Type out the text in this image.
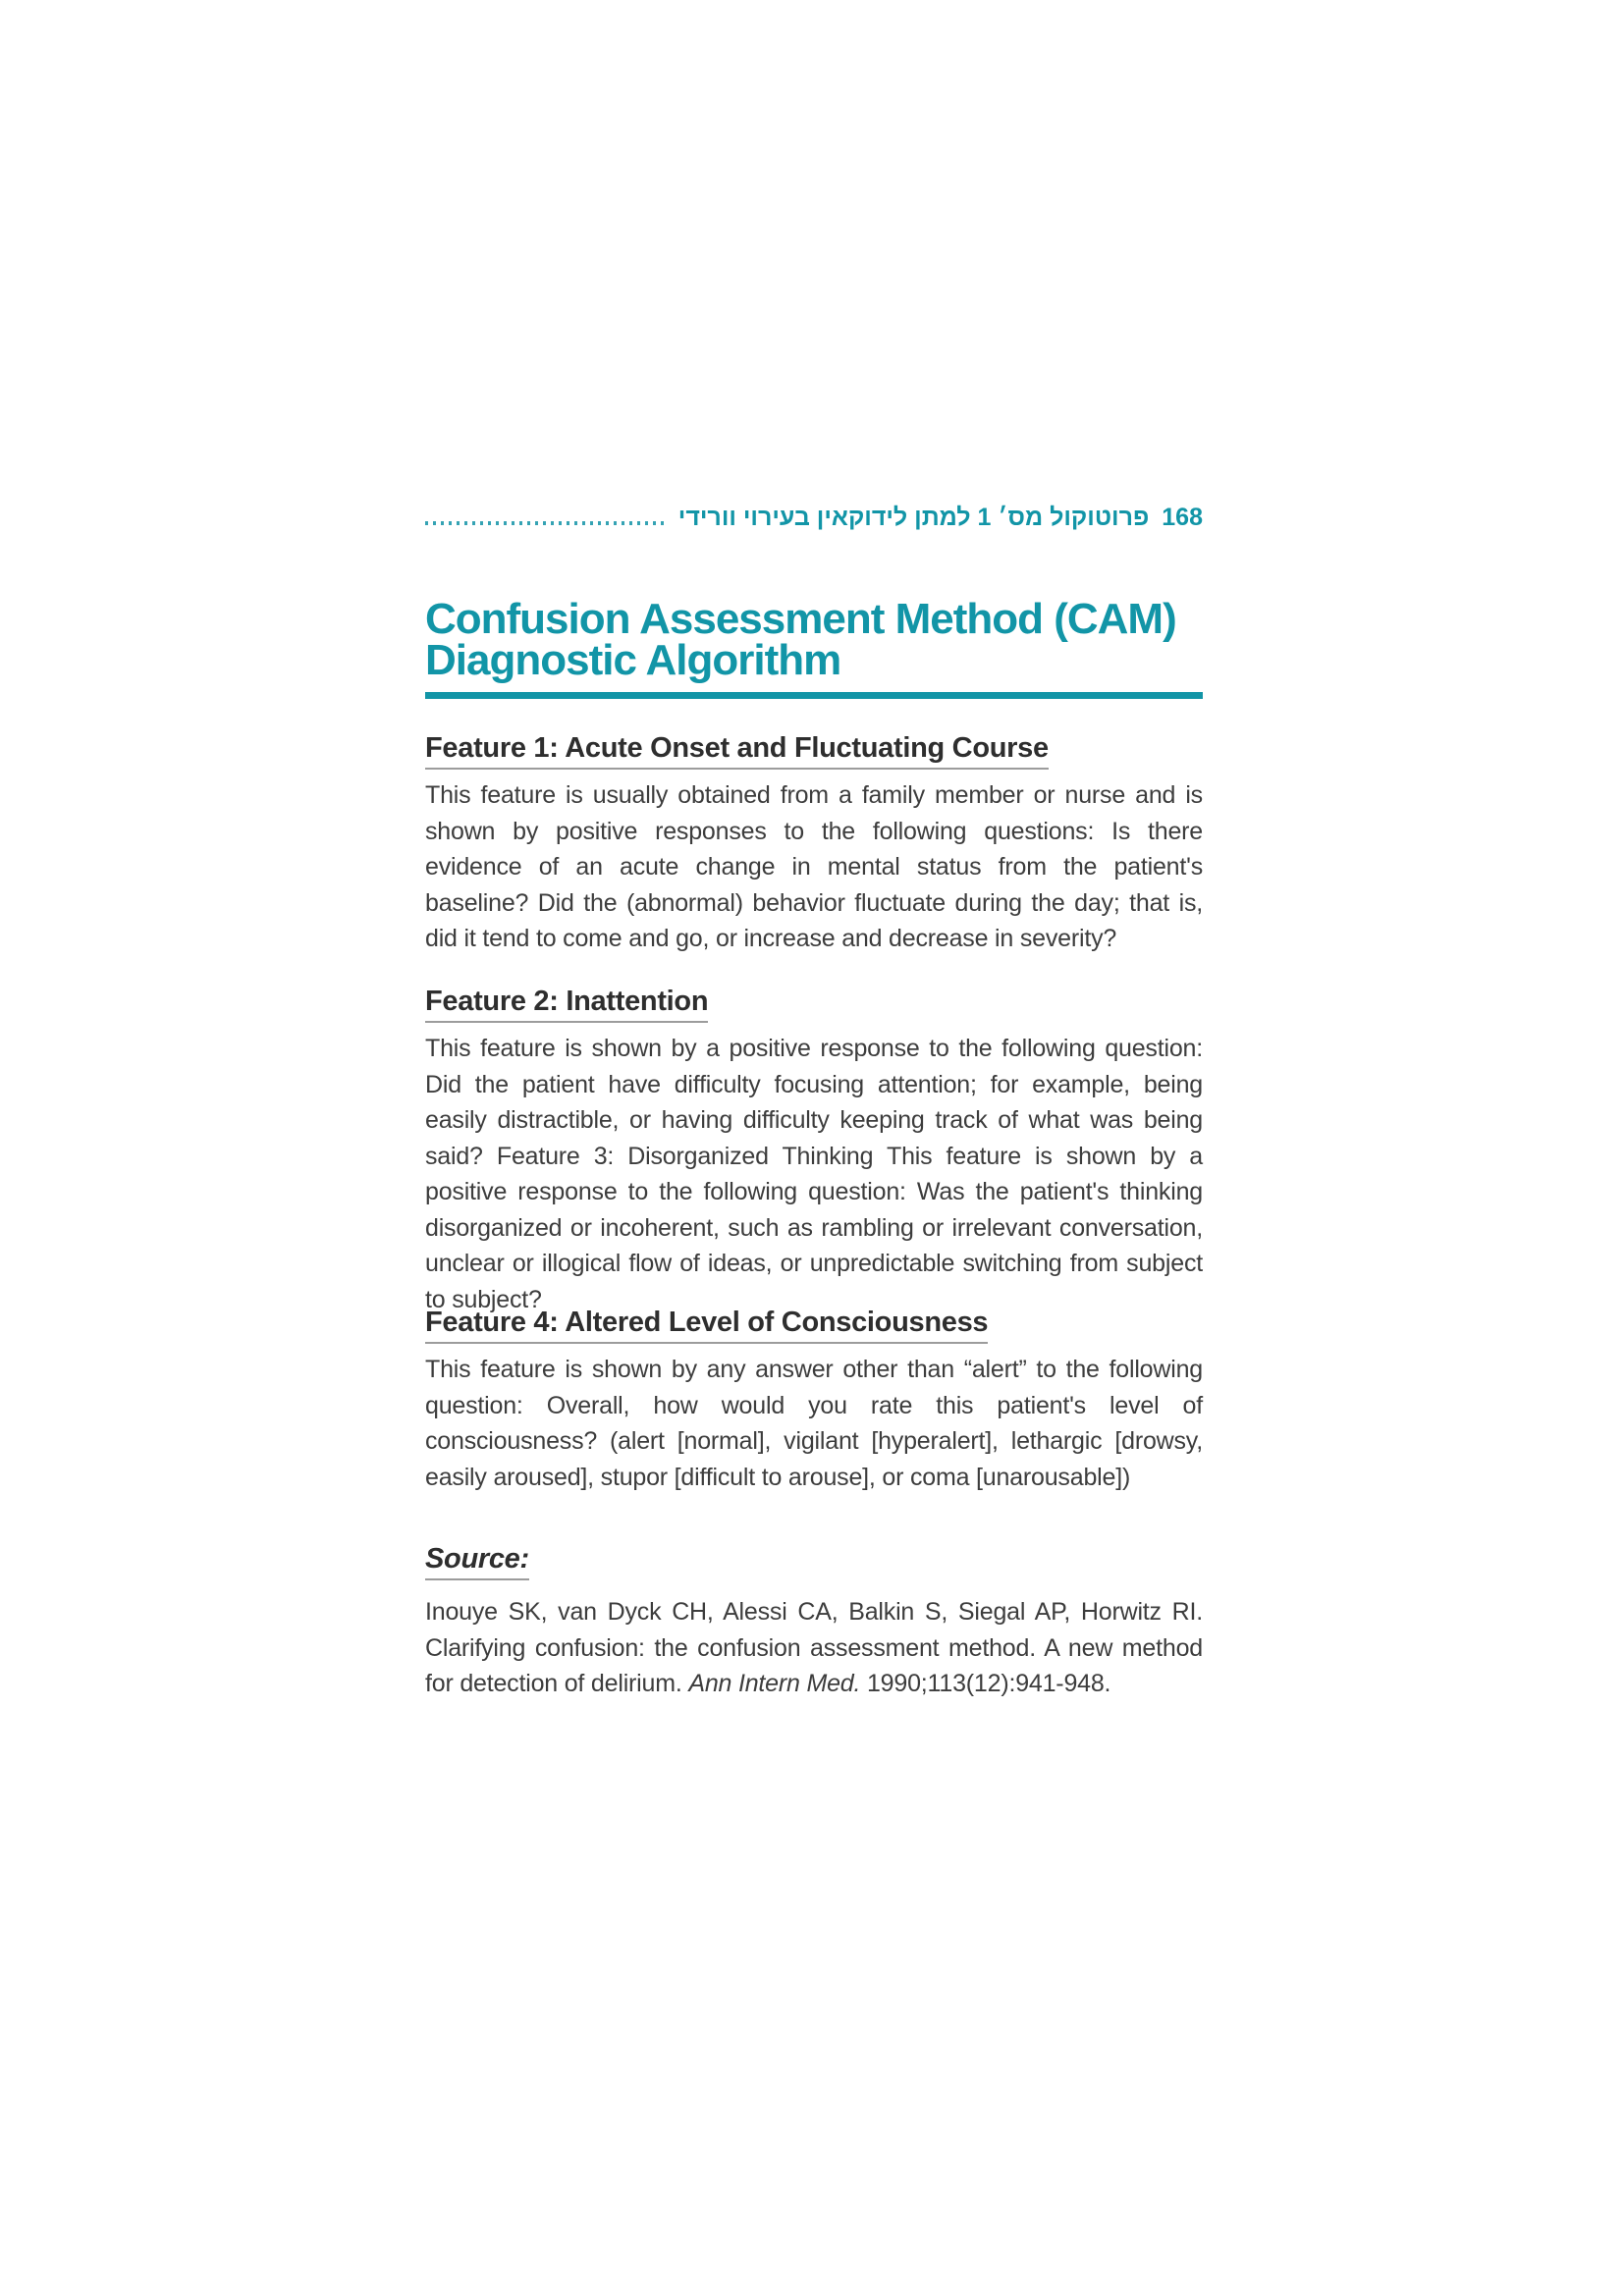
פרוטוקול מס׳ 1 למתן לידוקאין בעירוי וורידי 168
Confusion Assessment Method (CAM)
Diagnostic Algorithm
Feature 1: Acute Onset and Fluctuating Course
This feature is usually obtained from a family member or nurse and is shown by positive responses to the following questions: Is there evidence of an acute change in mental status from the patient's baseline? Did the (abnormal) behavior fluctuate during the day; that is, did it tend to come and go, or increase and decrease in severity?
Feature 2: Inattention
This feature is shown by a positive response to the following question: Did the patient have difficulty focusing attention; for example, being easily distractible, or having difficulty keeping track of what was being said? Feature 3: Disorganized Thinking This feature is shown by a positive response to the following question: Was the patient's thinking disorganized or incoherent, such as rambling or irrelevant conversation, unclear or illogical flow of ideas, or unpredictable switching from subject to subject?
Feature 4: Altered Level of Consciousness
This feature is shown by any answer other than “alert” to the following question: Overall, how would you rate this patient's level of consciousness? (alert [normal], vigilant [hyperalert], lethargic [drowsy, easily aroused], stupor [difficult to arouse], or coma [unarousable])
Source:
Inouye SK, van Dyck CH, Alessi CA, Balkin S, Siegal AP, Horwitz RI. Clarifying confusion: the confusion assessment method. A new method for detection of delirium. Ann Intern Med. 1990;113(12):941-948.
